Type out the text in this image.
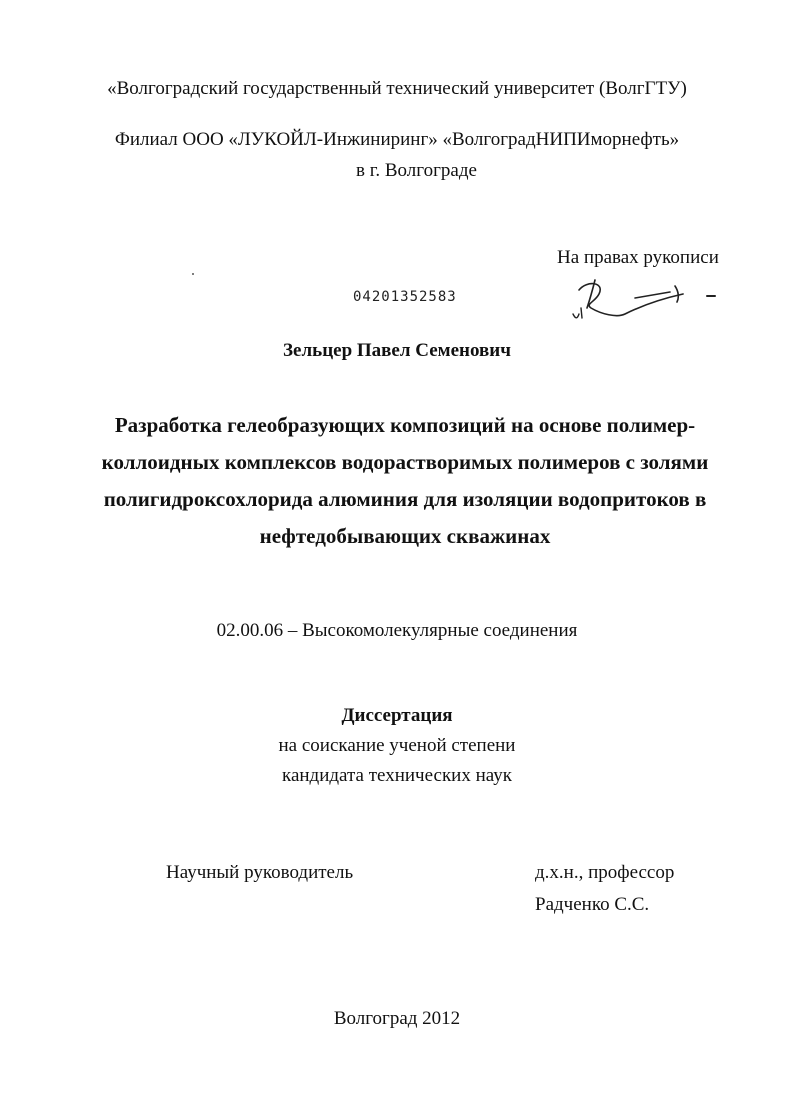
«Волгоградский государственный технический университет (ВолгГТУ)
Филиал ООО «ЛУКОЙЛ-Инжиниринг» «ВолгоградНИПИморнефть»
в г. Волгограде
На правах рукописи
04201352583
Зельцер Павел Семенович
Разработка гелеобразующих композиций на основе полимер-
коллоидных комплексов водорастворимых полимеров с золями
полигидроксохлорида алюминия для изоляции водопритоков в
нефтедобывающих скважинах
02.00.06 – Высокомолекулярные соединения
Диссертация
на соискание ученой степени
кандидата технических наук
Научный руководитель	д.х.н., профессор
Радченко С.С.
Волгоград 2012
